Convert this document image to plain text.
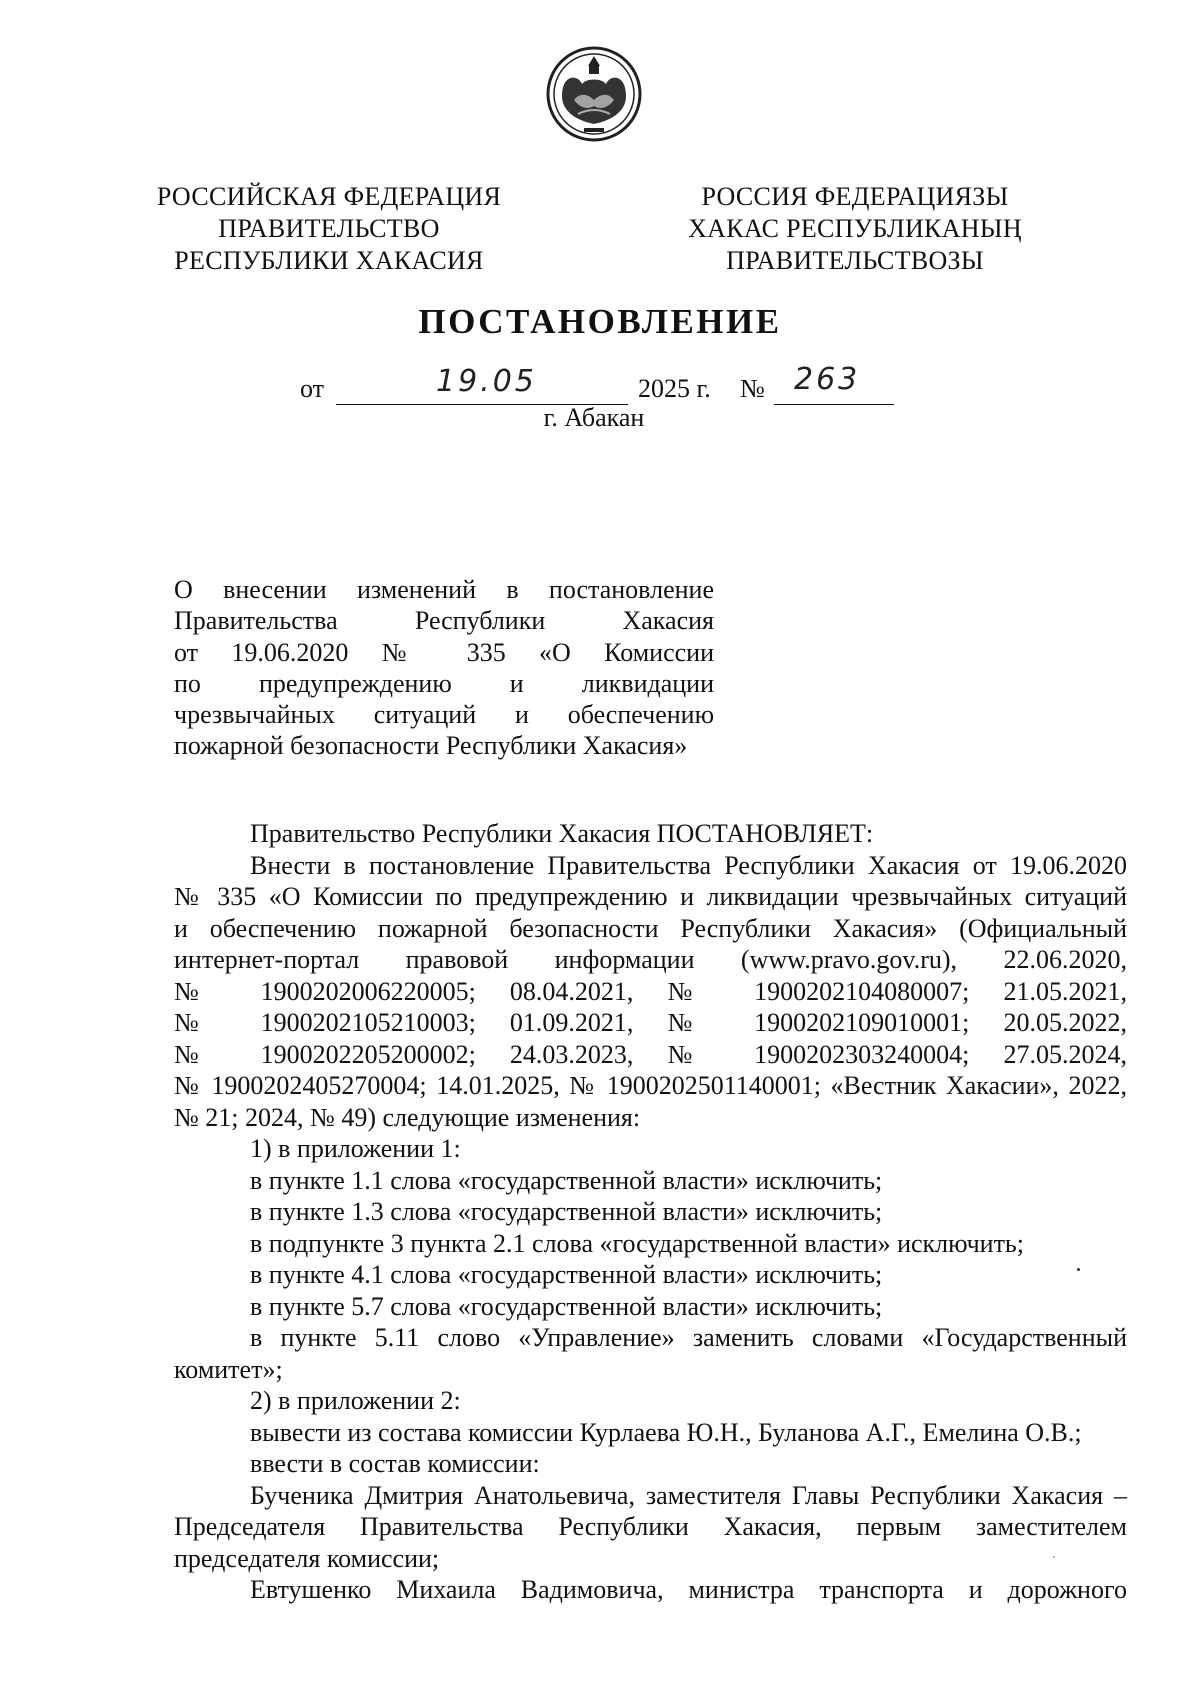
РОССИЙСКАЯ ФЕДЕРАЦИЯ
ПРАВИТЕЛЬСТВО
РЕСПУБЛИКИ ХАКАСИЯ
РОССИЯ ФЕДЕРАЦИЯЗЫ
ХАКАС РЕСПУБЛИКАНЫҢ
ПРАВИТЕЛЬСТВОЗЫ
ПОСТАНОВЛЕНИЕ
от	19.05	2025 г. № 263
г. Абакан
О внесении изменений в постановление
Правительства Республики Хакасия
от 19.06.2020 № 335 «О Комиссии
по предупреждению и ликвидации
чрезвычайных ситуаций и обеспечению
пожарной безопасности Республики Хакасия»
Правительство Республики Хакасия ПОСТАНОВЛЯЕТ:
Внести в постановление Правительства Республики Хакасия от 19.06.2020
№ 335 «О Комиссии по предупреждению и ликвидации чрезвычайных ситуаций
и обеспечению пожарной безопасности Республики Хакасия» (Официальный
интернет-портал правовой информации (www.pravo.gov.ru), 22.06.2020,
№ 1900202006220005; 08.04.2021, № 1900202104080007; 21.05.2021,
№ 1900202105210003; 01.09.2021, № 1900202109010001; 20.05.2022,
№ 1900202205200002; 24.03.2023, № 1900202303240004; 27.05.2024,
№ 1900202405270004; 14.01.2025, № 1900202501140001; «Вестник Хакасии», 2022,
№ 21; 2024, № 49) следующие изменения:
1) в приложении 1:
в пункте 1.1 слова «государственной власти» исключить;
в пункте 1.3 слова «государственной власти» исключить;
в подпункте 3 пункта 2.1 слова «государственной власти» исключить;
в пункте 4.1 слова «государственной власти» исключить;
в пункте 5.7 слова «государственной власти» исключить;
в пункте 5.11 слово «Управление» заменить словами «Государственный
комитет»;
2) в приложении 2:
вывести из состава комиссии Курлаева Ю.Н., Буланова А.Г., Емелина О.В.;
ввести в состав комиссии:
Бученика Дмитрия Анатольевича, заместителя Главы Республики Хакасия –
Председателя Правительства Республики Хакасия, первым заместителем
председателя комиссии;
Евтушенко Михаила Вадимовича, министра транспорта и дорожного
